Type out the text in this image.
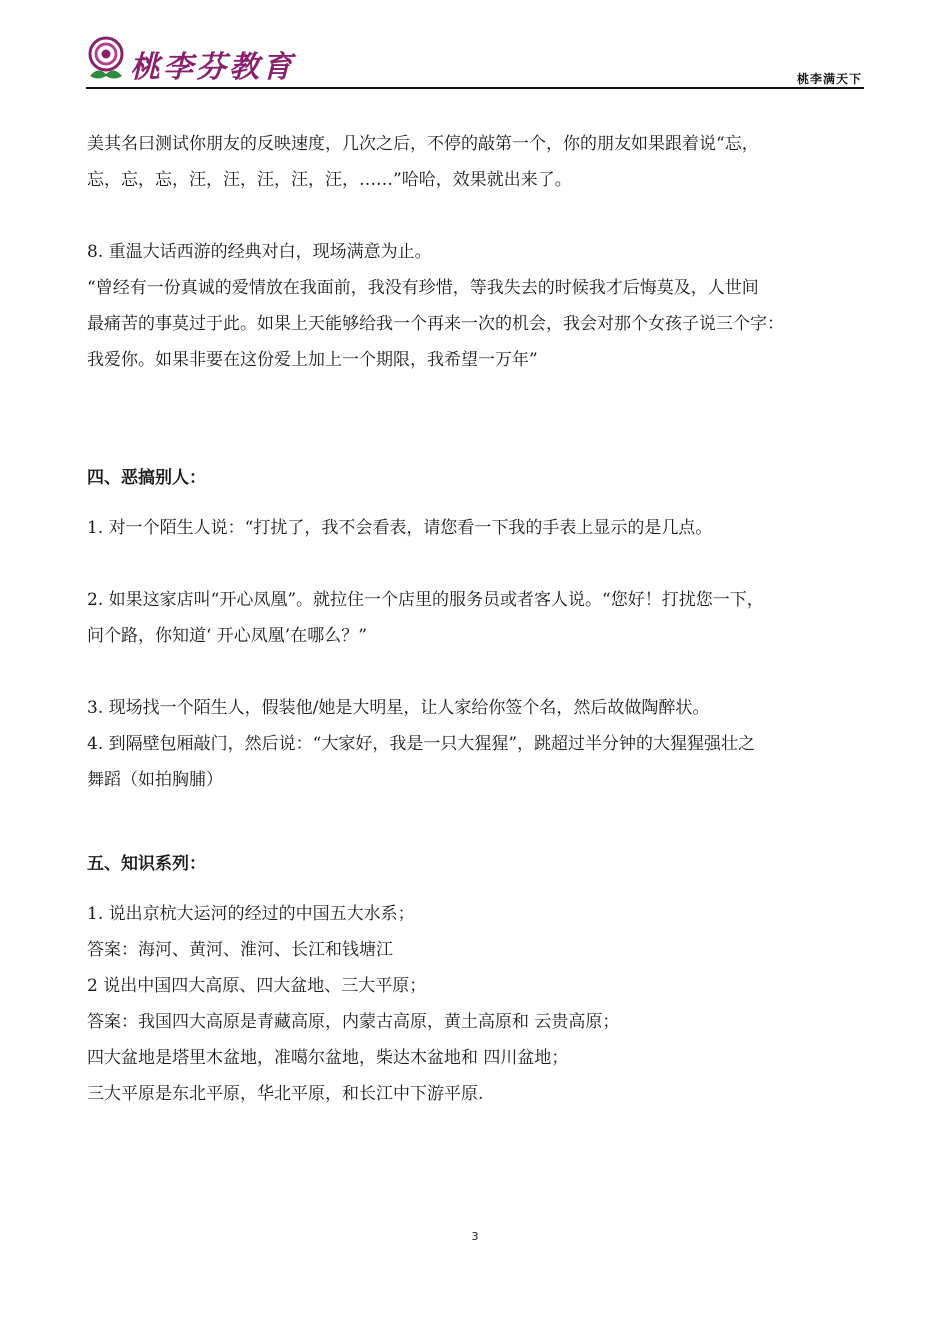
桃李芬教育	桃李满天下
美其名曰测试你朋友的反映速度，几次之后，不停的敲第一个，你的朋友如果跟着说“忘，
忘，忘，忘，汪，汪，汪，汪，汪，……”哈哈，效果就出来了。
8. 重温大话西游的经典对白，现场满意为止。
“曾经有一份真诚的爱情放在我面前，我没有珍惜，等我失去的时候我才后悔莫及，人世间
最痛苦的事莫过于此。如果上天能够给我一个再来一次的机会，我会对那个女孩子说三个字：
我爱你。如果非要在这份爱上加上一个期限，我希望一万年”
四、恶搞别人：
1. 对一个陌生人说：“打扰了，我不会看表，请您看一下我的手表上显示的是几点。
2. 如果这家店叫“开心凤凰”。就拉住一个店里的服务员或者客人说。“您好！打扰您一下，
问个路，你知道‘ 开心凤凰’在哪么？”
3. 现场找一个陌生人，假装他/她是大明星，让人家给你签个名，然后故做陶醉状。
4. 到隔壁包厢敲门，然后说：“大家好，我是一只大猩猩”，跳超过半分钟的大猩猩强壮之
舞蹈（如拍胸脯）
五、知识系列：
1. 说出京杭大运河的经过的中国五大水系；
答案：海河、黄河、淮河、长江和钱塘江
2 说出中国四大高原、四大盆地、三大平原；
答案：我国四大高原是青藏高原，内蒙古高原，黄土高原和 云贵高原；
四大盆地是塔里木盆地，准噶尔盆地，柴达木盆地和 四川盆地；
三大平原是东北平原，华北平原，和长江中下游平原.
3
